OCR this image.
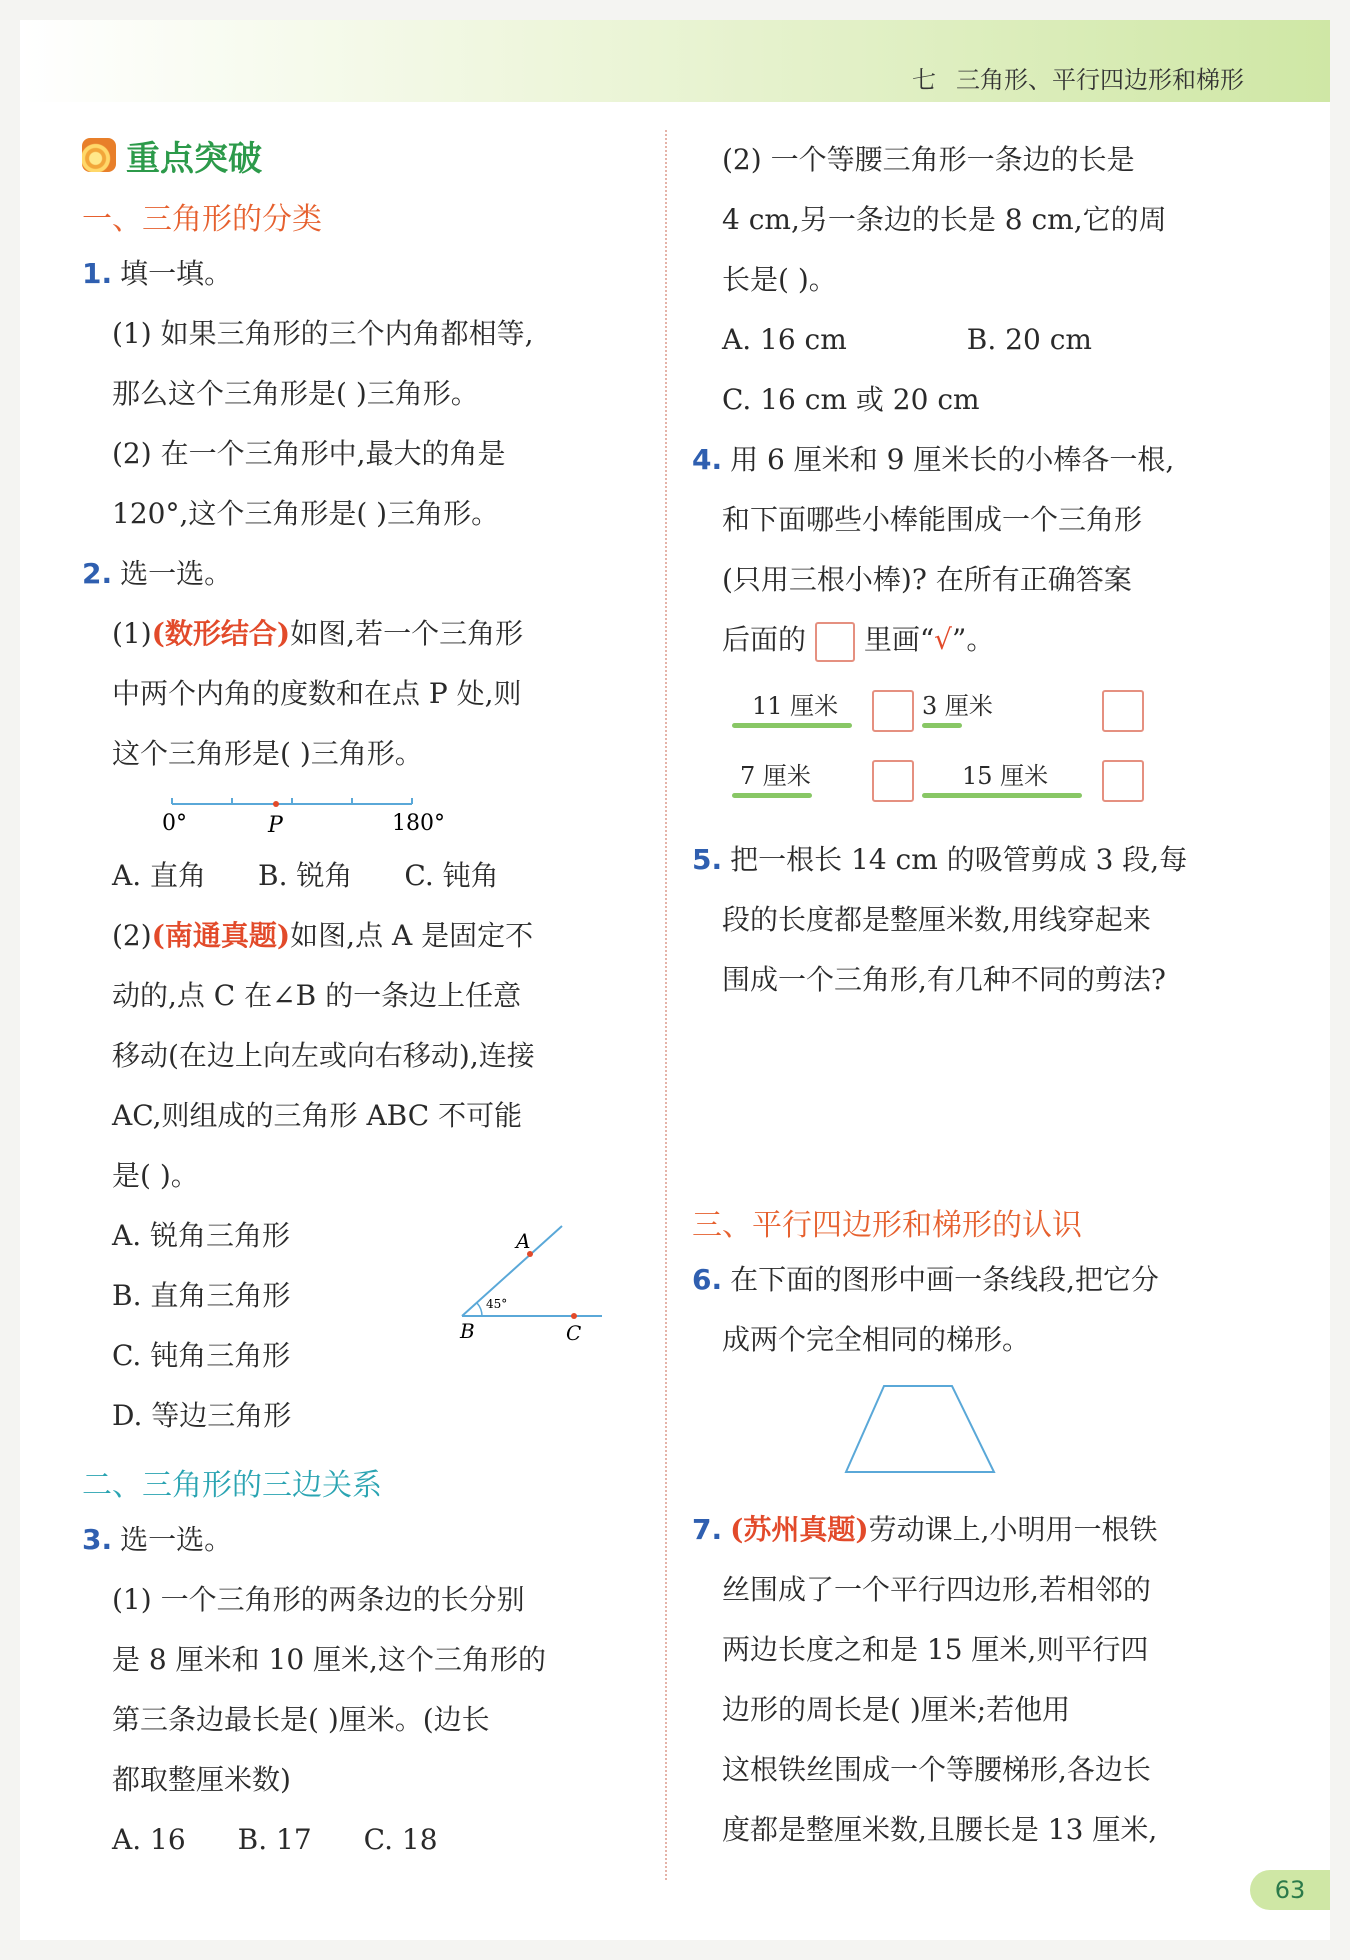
七 三角形、平行四边形和梯形
重点突破
一、三角形的分类
1. 填一填。
(1) 如果三角形的三个内角都相等,
那么这个三角形是( )三角形。
(2) 在一个三角形中,最大的角是
120°,这个三角形是( )三角形。
2. 选一选。
(1)(数形结合)如图,若一个三角形
中两个内角的度数和在点 P 处,则
这个三角形是( )三角形。
0°	P	180°
A. 直角 B. 锐角 C. 钝角
(2)(南通真题)如图,点 A 是固定不
动的,点 C 在∠B 的一条边上任意
移动(在边上向左或向右移动),连接
AC,则组成的三角形 ABC 不可能
是( )。
A. 锐角三角形
B. 直角三角形
C. 钝角三角形
D. 等边三角形
A
B	C
45°
二、三角形的三边关系
3. 选一选。
(1) 一个三角形的两条边的长分别
是 8 厘米和 10 厘米,这个三角形的
第三条边最长是( )厘米。(边长
都取整厘米数)
A. 16 B. 17 C. 18
(2) 一个等腰三角形一条边的长是
4 cm,另一条边的长是 8 cm,它的周
长是( )。
A. 16 cm	B. 20 cm
C. 16 cm 或 20 cm
4. 用 6 厘米和 9 厘米长的小棒各一根,
和下面哪些小棒能围成一个三角形
(只用三根小棒)? 在所有正确答案
后面的 里画“√”。
11 厘米	3 厘米
7 厘米	15 厘米
5. 把一根长 14 cm 的吸管剪成 3 段,每
段的长度都是整厘米数,用线穿起来
围成一个三角形,有几种不同的剪法?
三、平行四边形和梯形的认识
6. 在下面的图形中画一条线段,把它分
成两个完全相同的梯形。
7. (苏州真题)劳动课上,小明用一根铁
丝围成了一个平行四边形,若相邻的
两边长度之和是 15 厘米,则平行四
边形的周长是( )厘米;若他用
这根铁丝围成一个等腰梯形,各边长
度都是整厘米数,且腰长是 13 厘米,
63
